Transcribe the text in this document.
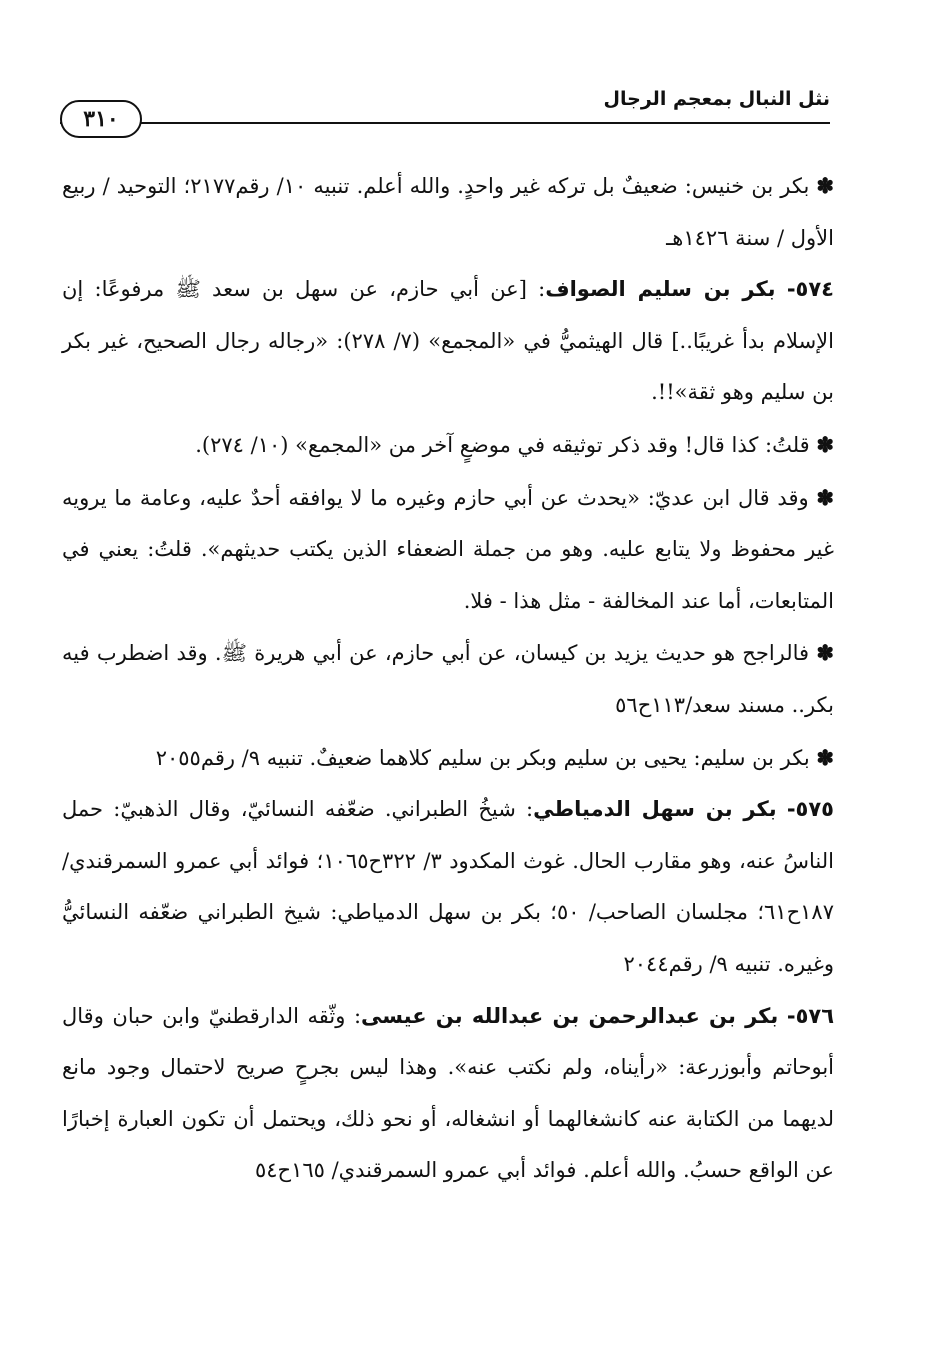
نثل النبال بمعجم الرجال
٣١٠

✽ بكر بن خنيس: ضعيفٌ بل تركه غير واحدٍ. والله أعلم. تنبيه ١٠/ رقم٢١٧٧؛ التوحيد / ربيع الأول / سنة ١٤٢٦هـ

٥٧٤- بكر بن سليم الصواف: [عن أبي حازم، عن سهل بن سعد ﷺ مرفوعًا: إن الإسلام بدأ غريبًا..] قال الهيثميُّ في «المجمع» (٧/ ٢٧٨): «رجاله رجال الصحيح، غير بكر بن سليم وهو ثقة»!!.

✽ قلتُ: كذا قال! وقد ذكر توثيقه في موضعٍ آخر من «المجمع» (١٠/ ٢٧٤).

✽ وقد قال ابن عديّ: «يحدث عن أبي حازم وغيره ما لا يوافقه أحدٌ عليه، وعامة ما يرويه غير محفوظ ولا يتابع عليه. وهو من جملة الضعفاء الذين يكتب حديثهم». قلتُ: يعني في المتابعات، أما عند المخالفة - مثل هذا - فلا.

✽ فالراجح هو حديث يزيد بن كيسان، عن أبي حازم، عن أبي هريرة ﷺ. وقد اضطرب فيه بكر.. مسند سعد/١١٣ح٥٦

✽ بكر بن سليم: يحيى بن سليم وبكر بن سليم كلاهما ضعيفٌ. تنبيه ٩/ رقم٢٠٥٥

٥٧٥- بكر بن سهل الدمياطي: شيخُ الطبراني. ضعّفه النسائيّ، وقال الذهبيّ: حمل الناسُ عنه، وهو مقارب الحال. غوث المكدود ٣/ ٣٢٢ح١٠٦٥؛ فوائد أبي عمرو السمرقندي/ ١٨٧ح٦١؛ مجلسان الصاحب/ ٥٠؛ بكر بن سهل الدمياطي: شيخ الطبراني ضعّفه النسائيُّ وغيره. تنبيه ٩/ رقم٢٠٤٤

٥٧٦- بكر بن عبدالرحمن بن عبدالله بن عيسى: وثّقه الدارقطنيّ وابن حبان وقال أبوحاتم وأبوزرعة: «رأيناه، ولم نكتب عنه». وهذا ليس بجرحٍ صريح لاحتمال وجود مانع لديهما من الكتابة عنه كانشغالهما أو انشغاله، أو نحو ذلك، ويحتمل أن تكون العبارة إخبارًا عن الواقع حسبُ. والله أعلم. فوائد أبي عمرو السمرقندي/ ١٦٥ح٥٤
